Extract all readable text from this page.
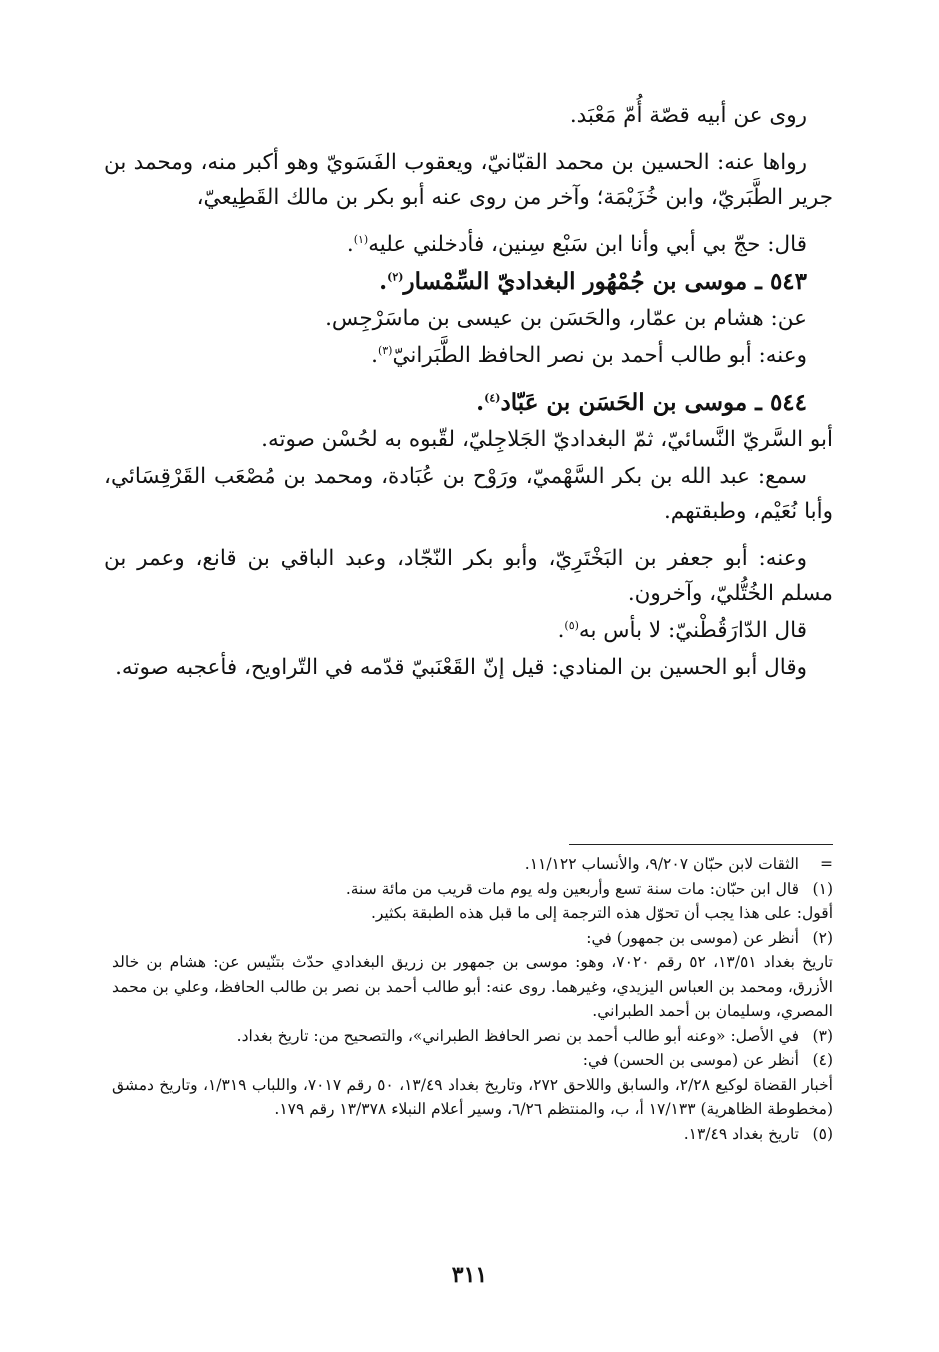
روى عن أبيه قصّة أُمّ مَعْبَد.

رواها عنه: الحسين بن محمد القبّانيّ، ويعقوب الفَسَويّ وهو أكبر منه، ومحمد بن جرير الطَّبَريّ، وابن خُزَيْمَة؛ وآخر من روى عنه أبو بكر بن مالك القَطِيعيّ،

قال: حجّ بي أبي وأنا ابن سَبْع سِنين، فأدخلني عليه$^{(١)}$.

٥٤٣ ـ موسى بن جُمْهُور البغداديّ السِّمْسار$^{(٢)}$.

عن: هشام بن عمّار، والحَسَن بن عيسى بن ماسَرْجِس.

وعنه: أبو طالب أحمد بن نصر الحافظ الطَّبَرانيّ$^{(٣)}$.

٥٤٤ ـ موسى بن الحَسَن بن عَبّاد$^{(٤)}$.

أبو السَّريّ النَّسائيّ، ثمّ البغداديّ الجَلاجِليّ، لقّبوه به لحُسْن صوته.

سمع: عبد الله بن بكر السَّهْميّ، ورَوْح بن عُبَادة، ومحمد بن مُصْعَب القَرْقِسَائي، وأبا نُعَيْم، وطبقتهم.

وعنه: أبو جعفر بن البَخْتَرِيّ، وأبو بكر النّجّاد، وعبد الباقي بن قانع، وعمر بن مسلم الخُتُّليّ، وآخرون.

قال الدّارَقُطْنيّ: لا بأس به$^{(٥)}$.

وقال أبو الحسين بن المنادي: قيل إنّ القَعْنَبيّ قدّمه في التّراويح، فأعجبه صوته.

=
الثقات لابن حبّان ٩/٢٠٧، والأنساب ١١/١٢٢.
(١)
قال ابن حبّان: مات سنة تسع وأربعين وله يوم مات قريب من مائة سنة.
أقول: على هذا يجب أن تحوّل هذه الترجمة إلى ما قبل هذه الطبقة بكثير.
(٢)
أنظر عن (موسى بن جمهور) في:
تاريخ بغداد ١٣/٥١، ٥٢ رقم ٧٠٢٠، وهو: موسى بن جمهور بن زريق البغدادي حدّث بتنّيس عن: هشام بن خالد الأزرق، ومحمد بن العباس اليزيدي، وغيرهما. روى عنه: أبو طالب أحمد بن نصر بن طالب الحافظ، وعلي بن محمد المصري، وسليمان بن أحمد الطبراني.
(٣)
في الأصل: «وعنه أبو طالب أحمد بن نصر الحافظ الطبراني»، والتصحيح من: تاريخ بغداد.
(٤)
أنظر عن (موسى بن الحسن) في:
أخبار القضاة لوكيع ٢/٢٨، والسابق واللاحق ٢٧٢، وتاريخ بغداد ١٣/٤٩، ٥٠ رقم ٧٠١٧، واللباب ١/٣١٩، وتاريخ دمشق (مخطوطة الظاهرية) ١٧/١٣٣ أ، ب، والمنتظم ٦/٢٦، وسير أعلام النبلاء ١٣/٣٧٨ رقم ١٧٩.
(٥)
تاريخ بغداد ١٣/٤٩.
٣١١
